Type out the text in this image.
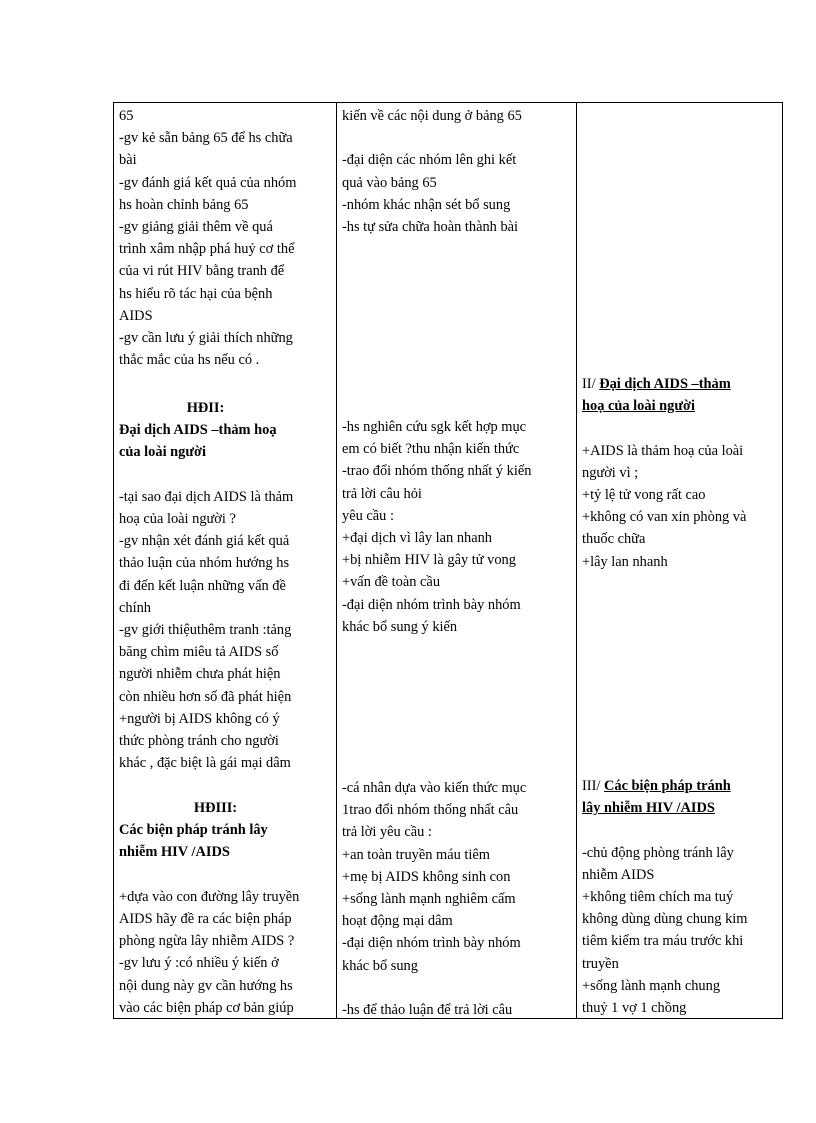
65
-gv kẻ sẵn bảng 65 để hs chữa
bài
-gv đánh giá kết quả của nhóm
hs hoàn chỉnh bảng 65
-gv giảng giải thêm về quá
trình xâm nhập phá huỷ cơ thể
của vi rút HIV bằng tranh để
hs hiểu rõ tác hại của bệnh
AIDS
-gv cần lưu ý giải thích những
thắc mắc của hs nếu có .
HĐII:
Đại dịch AIDS –thảm hoạ
của loài người
-tại sao đại dịch AIDS là thảm
hoạ của loài người ?
-gv nhận xét đánh giá kết quả
thảo luận của nhóm hướng hs
đi đến kết luận những vấn đề
chính
-gv giới thiệuthêm tranh :tảng
băng chìm miêu tả AIDS số
người nhiễm chưa phát hiện
còn nhiều hơn số đã phát hiện
+người bị AIDS không có ý
thức phòng tránh cho người
khác , đặc biệt là gái mại dâm
HĐIII:
Các biện pháp tránh lây
nhiễm HIV /AIDS
+dựa vào con đường lây truyền
AIDS hãy đề ra các biện pháp
phòng ngừa lây nhiễm AIDS ?
-gv lưu ý :có nhiều ý kiến ở
nội dung này gv cần hướng hs
vào các biện pháp cơ bản giúp

kiến về các nội dung ở bảng 65
-đại diện các nhóm lên ghi kết
quả vào bảng 65
-nhóm khác nhận sét bổ sung
-hs tự sửa chữa hoàn thành bài
-hs nghiên cứu sgk kết hợp mục
em có biết ?thu nhận kiến thức
-trao đổi nhóm thống nhất ý kiến
trả lời câu hỏi
yêu cầu :
+đại dịch vì lây lan nhanh
+bị nhiễm HIV là gây tử vong
+vấn đề toàn cầu
-đại diện nhóm trình bày nhóm
khác bổ sung ý kiến
-cá nhân dựa vào kiến thức mục
1trao đổi nhóm thống nhất câu
trả lời yêu cầu :
+an toàn truyền máu tiêm
+mẹ bị AIDS không sinh con
+sống lành mạnh nghiêm cấm
hoạt động mại dâm
-đại diện nhóm trình bày nhóm
khác bổ sung
-hs để thảo luận để trả lời câu

II/ Đại dịch AIDS –thảm
hoạ của loài người
+AIDS là thảm hoạ của loài
người vì ;
+tỷ lệ tử vong rất cao
+không có van xin phòng và
thuốc chữa
+lây lan nhanh
III/ Các biện pháp tránh
lây nhiễm HIV /AIDS
-chủ động phòng tránh lây
nhiễm AIDS
+không tiêm chích ma tuý
không dùng dùng chung kim
tiêm kiểm tra máu trước khi
truyền
+sống lành mạnh chung
thuỷ 1 vợ 1 chồng
